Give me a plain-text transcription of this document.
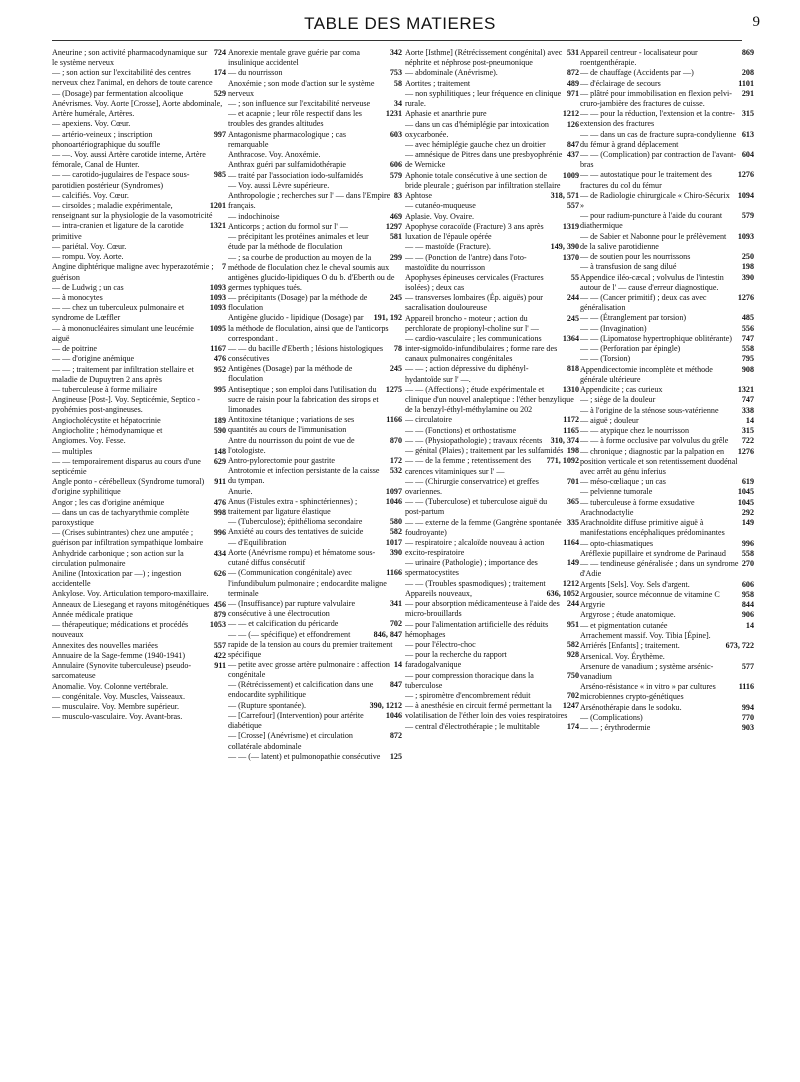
TABLE DES MATIERES	9
724
Aneurine ; son activité pharmacodynamique sur le système nerveux
174
— ; son action sur l'excitabilité des centres nerveux chez l'animal, en dehors de toute carence
529
— (Dosage) par fermentation alcoolique
Anévrismes. Voy. Aorte [Crosse], Aorte abdominale, Artère humérale, Artères.
— apexiens. Voy. Cœur.
997
— artério-veineux ; inscription phonoartériographique du souffle
— —. Voy. aussi Artère carotide interne, Artère fémorale, Canal de Hunter.
985
— — carotido-jugulaires de l'espace sous-parotidien postérieur (Syndromes)
— calcifiés. Voy. Cœur.
1201
— cirsoïdes ; maladie expérimentale, renseignant sur la physiologie de la vasomotricité
1321
— intra-cranien et ligature de la carotide primitive
— pariétal. Voy. Cœur.
— rompu. Voy. Aorte.
7
Angine diphtérique maligne avec hyperazotémie ; guérison
1093
— de Ludwig ; un cas
1093
— à monocytes
1093
— — chez un tuberculeux pulmonaire et syndrome de Lœffler
1095
— à mononucléaires simulant une leucémie aiguë
1167
— de poitrine
476
— — d'origine anémique
952
— — ; traitement par infiltration stellaire et maladie de Dupuytren 2 ans après
995
— tuberculeuse à forme miliaire
Angineuse [Post-]. Voy. Septicémie, Septico - pyohémies post-angineuses.
189
Angiocholécystite et hépatocrinie
590
Angiocholite ; hémodynamique et
Angiomes. Voy. Fesse.
148
— multiples
629
— — temporairement disparus au cours d'une septicémie
911
Angle ponto - cérébelleux (Syndrome tumoral) d'origine syphilitique
476
Angor ; les cas d'origine anémique
998
— dans un cas de tachyarythmie complète paroxystique
996
— (Crises subintrantes) chez une amputée ; guérison par infiltration sympathique lombaire
434
Anhydride carbonique ; son action sur la circulation pulmonaire
626
Aniline (Intoxication par —) ; ingestion accidentelle
Ankylose. Voy. Articulation temporo-maxillaire.
456
Anneaux de Liesegang et rayons mitogénétiques
879
Année médicale pratique
1053
— thérapeutique; médications et procédés nouveaux
557
Annexites des nouvelles mariées
422
Annuaire de la Sage-femme (1940-1941)
911
Annulaire (Synovite tuberculeuse) pseudo-sarcomateuse
Anomalie. Voy. Colonne vertébrale.
— congénitale. Voy. Muscles, Vaisseaux.
— musculaire. Voy. Membre supérieur.
— musculo-vasculaire. Voy. Avant-bras.
342
Anorexie mentale grave guérie par coma insulinique accidentel
753
— du nourrisson
58
Anoxémie ; son mode d'action sur le système nerveux
34
— ; son influence sur l'excitabilité nerveuse
1231
— et acapnie ; leur rôle respectif dans les troubles des grandes altitudes
603
Antagonisme pharmacologique ; cas remarquable
Anthracose. Voy. Anoxémie.
606
Anthrax guéri par sulfamidothérapie
579
— traité par l'association iodo-sulfamidés
— Voy. aussi Lèvre supérieure.
83
Anthropologie ; recherches sur l' — dans l'Empire français.
469
— indochinoise
1297
Anticorps ; action du formol sur l' —
581
— précipitant les protéines animales et leur étude par la méthode de floculation
299
— ; sa courbe de production au moyen de la méthode de floculation chez le cheval soumis aux antigènes glucido-lipidiques O du b. d'Eberth ou de germes typhiques tués.
245
— précipitants (Dosage) par la méthode de floculation
191, 192
Antigène glucido - lipidique (Dosage) par la méthode de floculation, ainsi que de l'anticorps correspondant .
78
— — du bacille d'Eberth ; lésions histologiques consécutives
245
Antigènes (Dosage) par la méthode de floculation
1275
Antiseptique ; son emploi dans l'utilisation du sucre de raisin pour la fabrication des sirops et limonades
1166
Antitoxine tétanique ; variations de ses quantités au cours de l'immunisation
870
Antre du nourrisson du point de vue de l'otologiste.
172
Antro-pylorectomie pour gastrite
532
Antrotomie et infection persistante de la caisse du tympan.
1097
Anurie.
1046
Anus (Fistules extra - sphinctériennes) ; traitement par ligature élastique
580
— (Tuberculose); épithélioma secondaire
582
Anxiété au cours des tentatives de suicide
1017
— d'Equilibration
390
Aorte (Anévrisme rompu) et hématome sous-cutané diffus consécutif
1166
— (Communication congénitale) avec l'infundibulum pulmonaire ; endocardite maligne terminale
341
— (Insuffisance) par rupture valvulaire consécutive à une électrocution
702
— — et calcification du péricarde
846, 847
— — (— spécifique) et effondrement rapide de la tension au cours du premier traitement spécifique
14
— petite avec grosse artère pulmonaire : affection congénitale
847
— (Rétrécissement) et calcification dans une endocardite syphilitique
390, 1212
— (Rupture spontanée).
1046
— [Carrefour] (Intervention) pour artérite diabétique
872
— [Crosse] (Anévrisme) et circulation collatérale abdominale
125
— — (— latent) et pulmonopathie consécutive
531
Aorte [Isthme] (Rétrécissement congénital) avec néphrite et néphrose post-pneumonique
872
— abdominale (Anévrisme).
489
Aortites ; traitement
971
— non syphilitiques ; leur fréquence en clinique rurale.
1212
Aphasie et anarthrie pure
126
— dans un cas d'hémiplégie par intoxication oxycarbonée.
847
— avec hémiplégie gauche chez un droitier
437
— amnésique de Pitres dans une presbyophrénie de Wernicke
1009
Aphonie totale consécutive à une section de bride pleurale ; guérison par infiltration stellaire
318, 571
Aphtose
557
— cutanéo-muqueuse
Aplasie. Voy. Ovaire.
1319
Apophyse coracoïde (Fracture) 3 ans après luxation de l'épaule opérée
149, 390
— — mastoïde (Fracture).
1370
— — (Ponction de l'antre) dans l'oto-mastoïdite du nourrisson
55
Apophyses épineuses cervicales (Fractures isolées) ; deux cas
244
— transverses lombaires (Ép. aiguës) pour sacralisation douloureuse
245
Appareil broncho - moteur ; action du perchlorate de propionyl-choline sur l' —
1364
— cardio-vasculaire ; les communications inter-sigmoïdo-infundibulaires ; forme rare des canaux pulmonaires congénitales
818
— — ; action dépressive du diphényl-hydantoïde sur l' —.
1310
— — (Affections) ; étude expérimentale et clinique d'un nouvel analeptique : l'éther benzylique de la benzyl-éthyl-méthylamine ou 202
1172
— circulatoire
1165
— — (Fonctions) et orthostatisme
310, 374
— — (Physiopathologie) ; travaux récents
198
— génital (Plaies) ; traitement par les sulfamidés
771, 1092
— — de la femme ; retentissement des carences vitaminiques sur l' —
701
— — (Chirurgie conservatrice) et greffes ovariennes.
365
— — (Tuberculose) et tuberculose aiguë du post-partum
335
— — externe de la femme (Gangrène spontanée foudroyante)
1164
— respiratoire ; alcaloïde nouveau à action excito-respiratoire
149
— urinaire (Pathologie) ; importance des spermatocystites
1212
— — (Troubles spasmodiques) ; traitement
636, 1052
Appareils nouveaux,
244
— pour absorption médicamenteuse à l'aide des micro-brouillards
951
— pour l'alimentation artificielle des réduits hémophages
582
— pour l'électro-choc
928
— pour la recherche du rapport faradogalvanique
750
— pour compression thoracique dans la tuberculose
702
— ; spiromètre d'encombrement réduit
1247
— à anesthésie en circuit fermé permettant la volatilisation de l'éther loin des voies respiratoires
174
— central d'électrothérapie ; le multitable
869
Appareil centreur - localisateur pour roentgenthérapie.
208
— de chauffage (Accidents par —)
1101
— d'éclairage de secours
291
— plâtré pour immobilisation en flexion pelvi-cruro-jambière des fractures de cuisse.
315
— — pour la réduction, l'extension et la contre-extension des fractures
613
— — dans un cas de fracture supra-condylienne du fémur à grand déplacement
604
— — (Complication) par contraction de l'avant-bras
1276
— — autostatique pour le traitement des fractures du col du fémur
1094
— de Radiologie chirurgicale « Chiro-Sécurix »
579
— pour radium-puncture à l'aide du courant diathermique
1093
— de Sabier et Nabonne pour le prélèvement de la salive parotidienne
250
— de soutien pour les nourrissons
198
— à transfusion de sang dilué
390
Appendice iléo-cæcal ; volvulus de l'intestin autour de l' — cause d'erreur diagnostique.
1276
— — (Cancer primitif) ; deux cas avec généralisation
485
— — (Étranglement par torsion)
556
— — (Invagination)
747
— — (Lipomatose hypertrophique oblitérante)
558
— — (Perforation par épingle)
795
— — (Torsion)
908
Appendicectomie incomplète et méthode générale ultérieure
1321
Appendicite ; cas curieux
747
— ; siège de la douleur
338
— à l'origine de la sténose sous-vatérienne
14
— aiguë ; douleur
315
— — atypique chez le nourrisson
722
— — à forme occlusive par volvulus du grêle
1276
— chronique ; diagnostic par la palpation en position verticale et son retentissement duodénal avec arrêt au génu inferius
619
— méso-cœliaque ; un cas
1045
— pelvienne tumorale
1045
— tuberculeuse à forme exsudative
292
Arachnodactylie
149
Arachnoïdite diffuse primitive aiguë à manifestations encéphaliques prédominantes
996
— opto-chiasmatiques
558
Aréflexie pupillaire et syndrome de Parinaud
270
— — tendineuse généralisée ; dans un syndrome d'Adie
606
Argents [Sels]. Voy. Sels d'argent.
958
Argousier, source méconnue de vitamine C
844
Argyrie
906
Argyrose ; étude anatomique.
14
— et pigmentation cutanée
Arrachement massif. Voy. Tibia [Épine].
673, 722
Arriérés [Enfants] ; traitement.
Arsenical. Voy. Érythème.
577
Arsenure de vanadium ; système arsénic-vanadium
1116
Arséno-résistance « in vitro » par cultures microbiennes crypto-génétiques
994
Arsénothérapie dans le sodoku.
770
— (Complications)
903
— — ; érythrodermie
